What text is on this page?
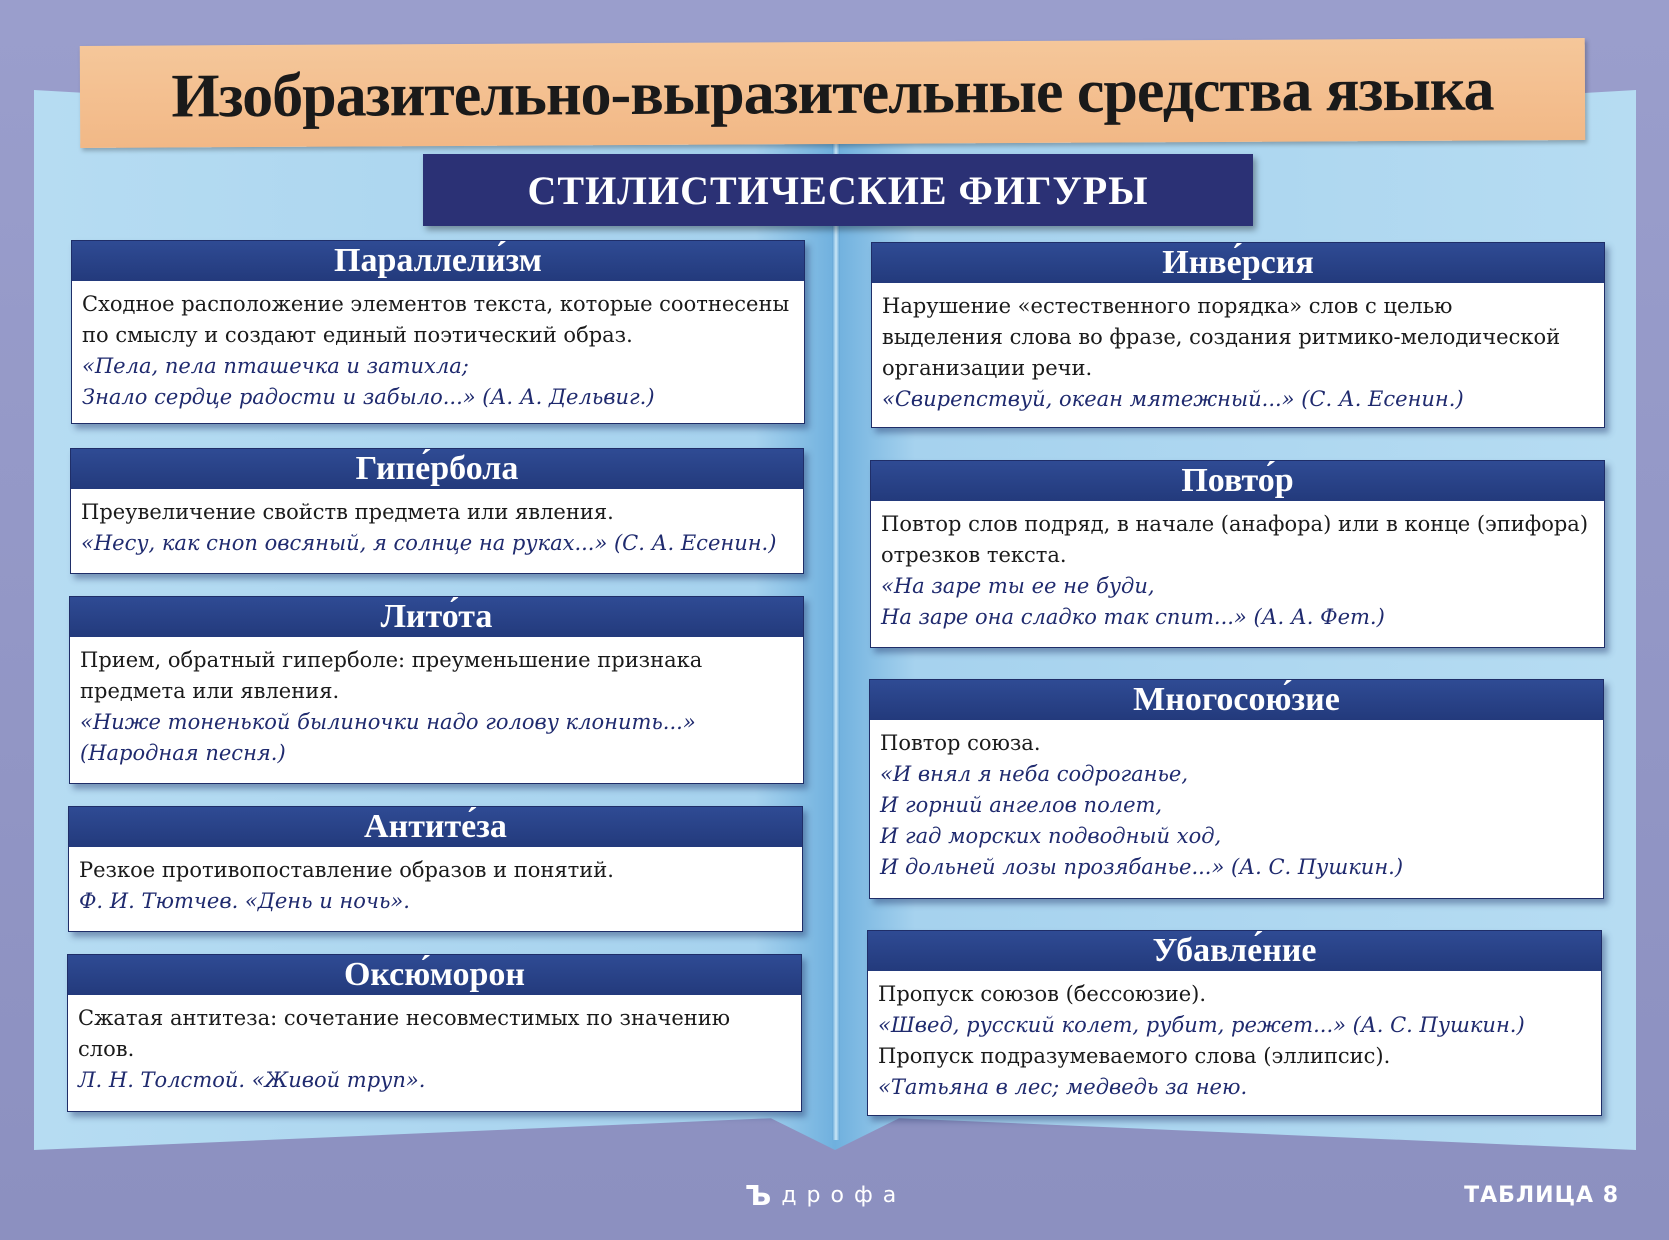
Изобразительно-выразительные средства языка
СТИЛИСТИЧЕСКИЕ ФИГУРЫ
Параллели́зм

Сходное расположение элементов текста, которые соотнесены

по смыслу и создают единый поэтический образ.

«Пела, пела пташечка и затихла;

Знало сердце радости и забыло...» (А. А. Дельвиг.)

Гипе́рбола

Преувеличение свойств предмета или явления.

«Несу, как сноп овсяный, я солнце на руках...» (С. А. Есенин.)

Лито́та

Прием, обратный гиперболе: преуменьшение признака

предмета или явления.

«Ниже тоненькой былиночки надо голову клонить...»

(Народная песня.)

Антите́за

Резкое противопоставление образов и понятий.

Ф. И. Тютчев. «День и ночь».

Оксю́морон

Сжатая антитеза: сочетание несовместимых по значению

слов.

Л. Н. Толстой. «Живой труп».

Инве́рсия

Нарушение «естественного порядка» слов с целью

выделения слова во фразе, создания ритмико-мелодической

организации речи.

«Свирепствуй, океан мятежный...» (С. А. Есенин.)

Повто́р

Повтор слов подряд, в начале (анафора) или в конце (эпифора)

отрезков текста.

«На заре ты ее не буди,

На заре она сладко так спит...» (А. А. Фет.)

Многосою́зие

Повтор союза.

«И внял я неба содроганье,

И горний ангелов полет,

И гад морских подводный ход,

И дольней лозы прозябанье...» (А. С. Пушкин.)

Убавле́ние

Пропуск союзов (бессоюзие).

«Швед, русский колет, рубит, режет...» (А. С. Пушкин.)

Пропуск подразумеваемого слова (эллипсис).

«Татьяна в лес; медведь за нею.

Ъ дрофа	ТАБЛИЦА 8
